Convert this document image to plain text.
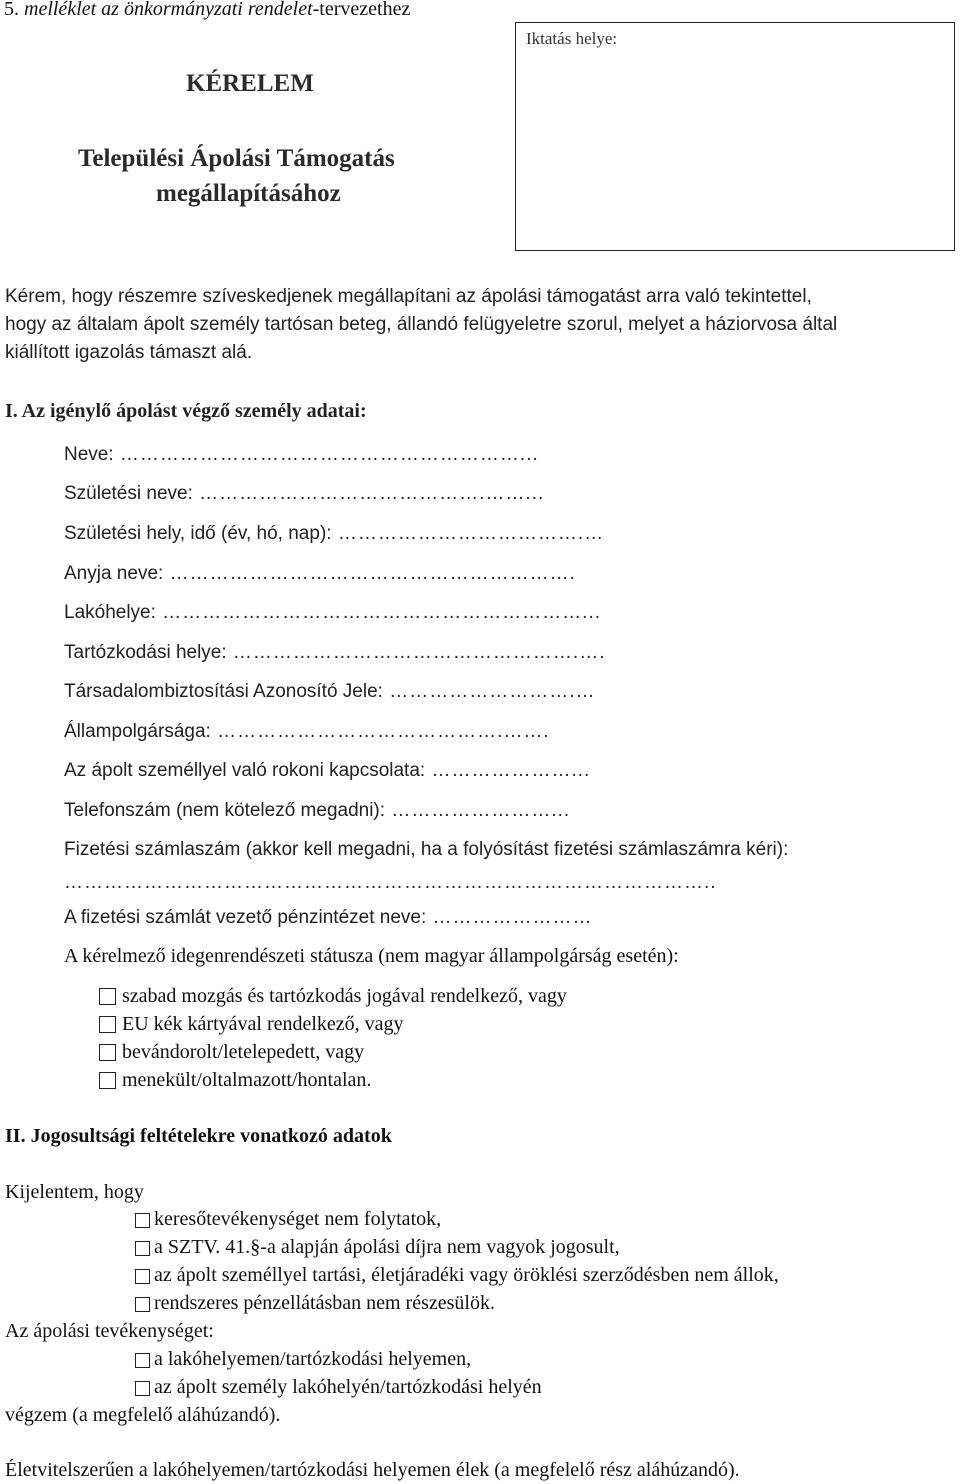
5. melléklet az önkormányzati rendelet-tervezethez
KÉRELEM
Települési Ápolási Támogatás
megállapításához
Iktatás helye:
Kérem, hogy részemre szíveskedjenek megállapítani az ápolási támogatást arra való tekintettel,
hogy az általam ápolt személy tartósan beteg, állandó felügyeletre szorul, melyet a háziorvosa által
kiállított igazolás támaszt alá.
I. Az igénylő ápolást végző személy adatai:
Neve: ……………………………………………………...
Születési neve: …………………………………….……...
Születési hely, idő (év, hó, nap): ……………………………….…
Anyja neve: …………………………………………………….
Lakóhelye: ………………………………………………………...
Tartózkodási helye: …………………………………………….….
Társadalombiztosítási Azonosító Jele: ……………………….…
Állampolgársága: …………………………………….…….
Az ápolt személlyel való rokoni kapcsolata: …………………...
Telefonszám (nem kötelező megadni): ……………………...
Fizetési számlaszám (akkor kell megadni, ha a folyósítást fizetési számlaszámra kéri):
……………………………………………………………………………………..
A fizetési számlát vezető pénzintézet neve: ……………………
A kérelmező idegenrendészeti státusza (nem magyar állampolgárság esetén):
szabad mozgás és tartózkodás jogával rendelkező, vagy
EU kék kártyával rendelkező, vagy
bevándorolt/letelepedett, vagy
menekült/oltalmazott/hontalan.
II. Jogosultsági feltételekre vonatkozó adatok
Kijelentem, hogy
keresőtevékenységet nem folytatok,
a SZTV. 41.§-a alapján ápolási díjra nem vagyok jogosult,
az ápolt személlyel tartási, életjáradéki vagy öröklési szerződésben nem állok,
rendszeres pénzellátásban nem részesülök.
Az ápolási tevékenységet:
a lakóhelyemen/tartózkodási helyemen,
az ápolt személy lakóhelyén/tartózkodási helyén
végzem (a megfelelő aláhúzandó).
Életvitelszerűen a lakóhelyemen/tartózkodási helyemen élek (a megfelelő rész aláhúzandó).
